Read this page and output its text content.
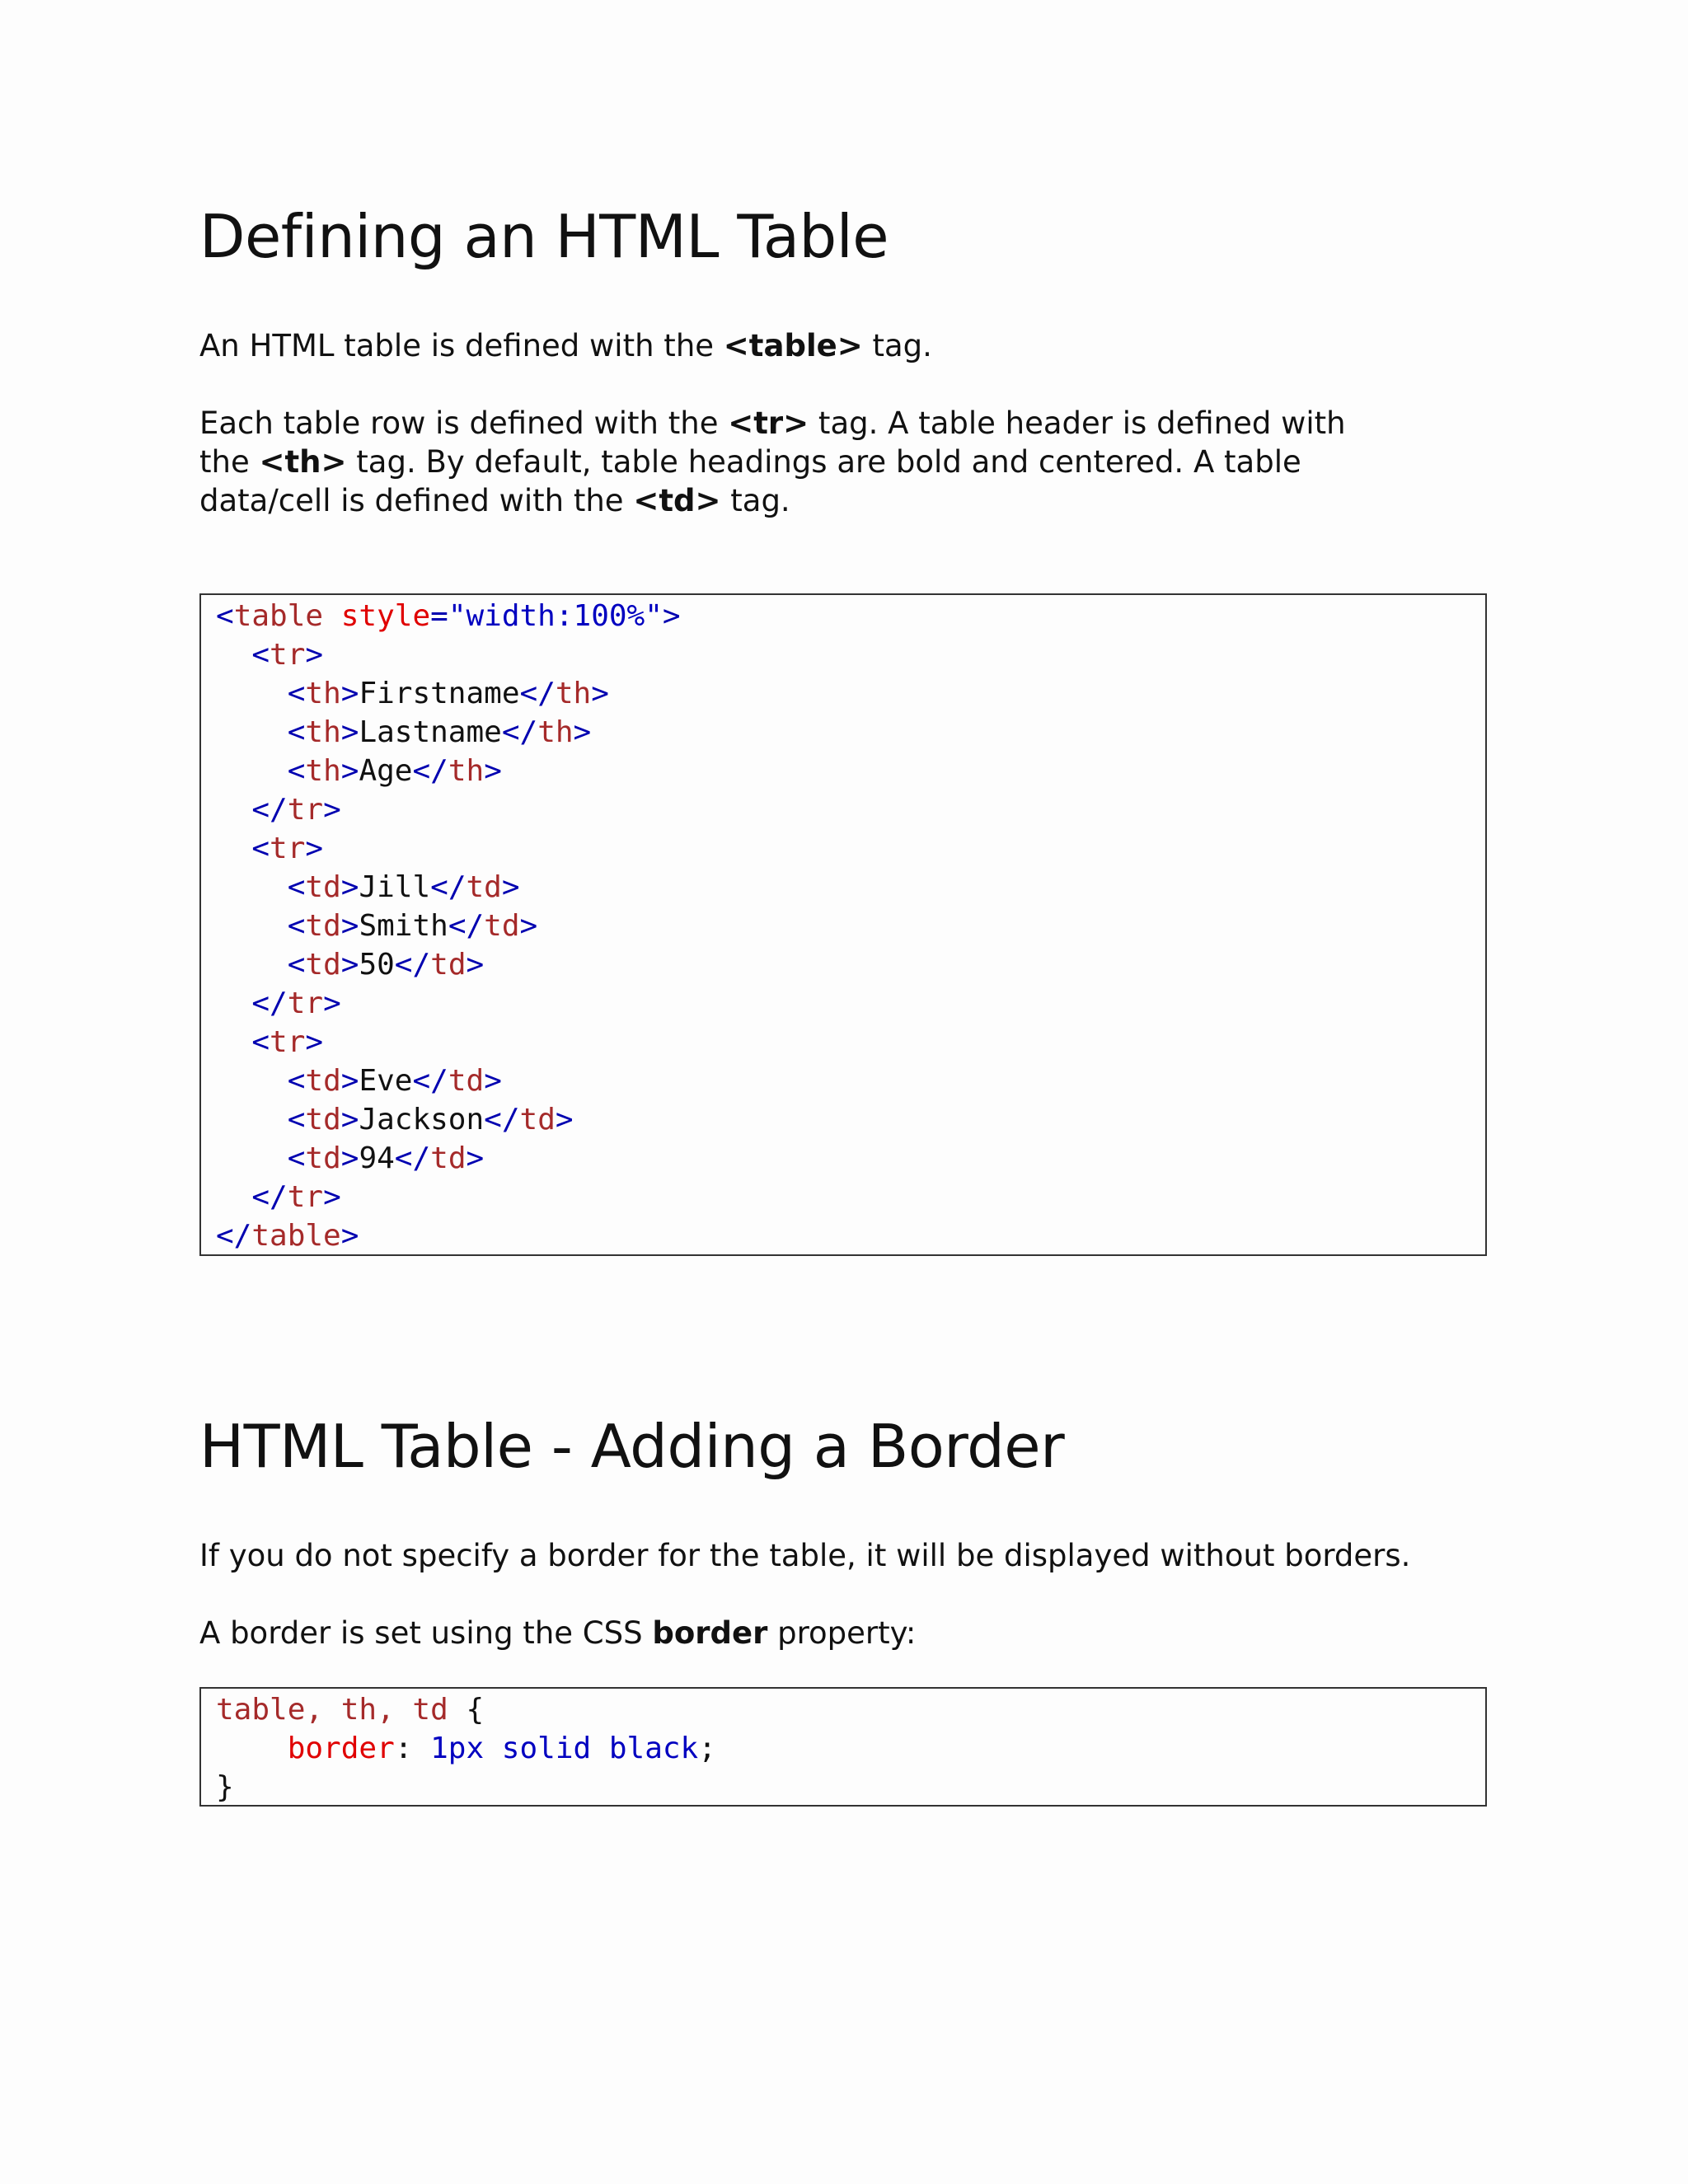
Defining an HTML Table

An HTML table is defined with the <table> tag.

Each table row is defined with the <tr> tag. A table header is defined with
the <th> tag. By default, table headings are bold and centered. A table
data/cell is defined with the <td> tag.

<table style="width:100%">
<tr>
<th>Firstname</th>
<th>Lastname</th>
<th>Age</th>
</tr>
<tr>
<td>Jill</td>
<td>Smith</td>
<td>50</td>
</tr>
<tr>
<td>Eve</td>
<td>Jackson</td>
<td>94</td>
</tr>
</table>
HTML Table - Adding a Border

If you do not specify a border for the table, it will be displayed without borders.

A border is set using the CSS border property:

table, th, td {
border: 1px solid black;
}
